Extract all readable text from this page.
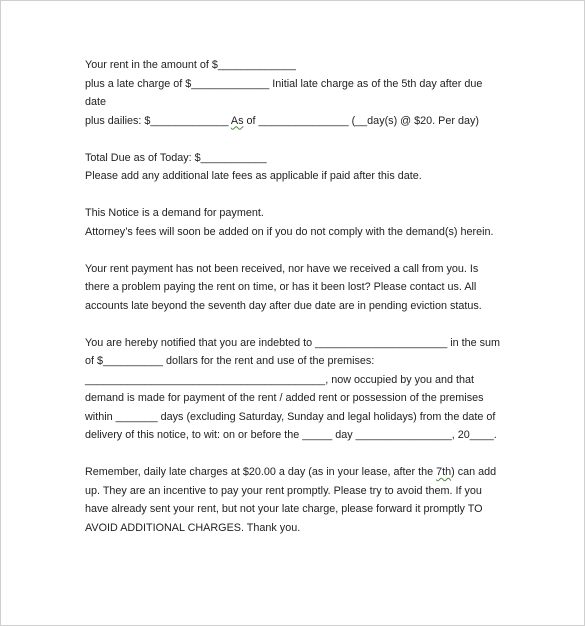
Your rent in the amount of $_____________
plus a late charge of $_____________ Initial late charge as of the 5th day after due date
plus dailies: $_____________ As of _______________ (__day(s) @ $20. Per day)

Total Due as of Today: $___________
Please add any additional late fees as applicable if paid after this date.

This Notice is a demand for payment.
Attorney’s fees will soon be added on if you do not comply with the demand(s) herein.

Your rent payment has not been received, nor have we received a call from you. Is there a problem paying the rent on time, or has it been lost? Please contact us. All accounts late beyond the seventh day after due date are in pending eviction status.

You are hereby notified that you are indebted to ______________________ in the sum of $__________ dollars for the rent and use of the premises: ________________________________________, now occupied by you and that demand is made for payment of the rent / added rent or possession of the premises within _______ days (excluding Saturday, Sunday and legal holidays) from the date of delivery of this notice, to wit: on or before the _____ day ________________, 20____.

Remember, daily late charges at $20.00 a day (as in your lease, after the 7th) can add up. They are an incentive to pay your rent promptly. Please try to avoid them. If you have already sent your rent, but not your late charge, please forward it promptly TO AVOID ADDITIONAL CHARGES. Thank you.
